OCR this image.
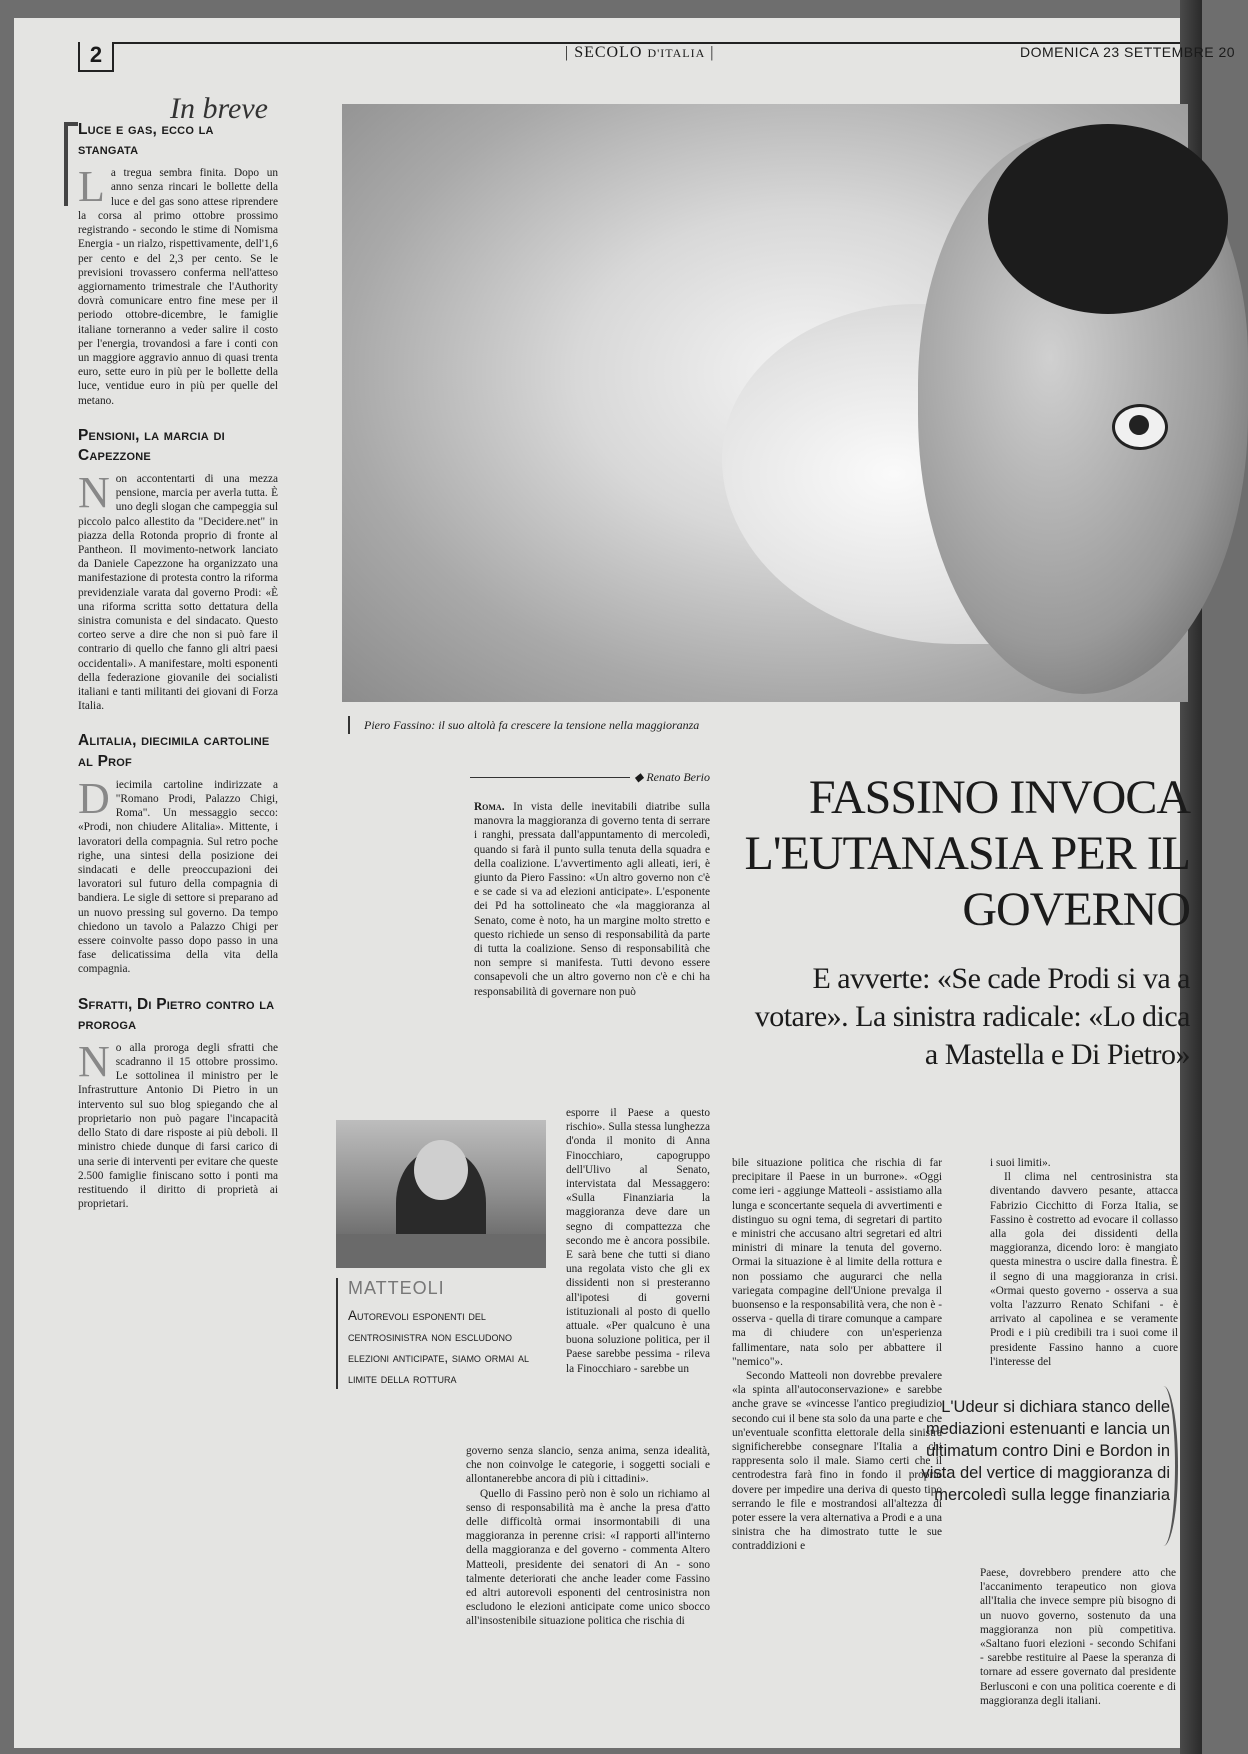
2	| SECOLO D'ITALIA |	DOMENICA 23 SETTEMBRE 20
In breve
Luce e gas, ecco la stangata

La tregua sembra finita. Dopo un anno senza rincari le bollette della luce e del gas sono attese riprendere la corsa al primo ottobre prossimo registrando - secondo le stime di Nomisma Energia - un rialzo, rispettivamente, dell'1,6 per cento e del 2,3 per cento. Se le previsioni trovassero conferma nell'atteso aggiornamento trimestrale che l'Authority dovrà comunicare entro fine mese per il periodo ottobre-dicembre, le famiglie italiane torneranno a veder salire il costo per l'energia, trovandosi a fare i conti con un maggiore aggravio annuo di quasi trenta euro, sette euro in più per le bollette della luce, ventidue euro in più per quelle del metano.

Pensioni, la marcia di Capezzone

Non accontentarti di una mezza pensione, marcia per averla tutta. È uno degli slogan che campeggia sul piccolo palco allestito da "Decidere.net" in piazza della Rotonda proprio di fronte al Pantheon. Il movimento-network lanciato da Daniele Capezzone ha organizzato una manifestazione di protesta contro la riforma previdenziale varata dal governo Prodi: «È una riforma scritta sotto dettatura della sinistra comunista e del sindacato. Questo corteo serve a dire che non si può fare il contrario di quello che fanno gli altri paesi occidentali». A manifestare, molti esponenti della federazione giovanile dei socialisti italiani e tanti militanti dei giovani di Forza Italia.

Alitalia, diecimila cartoline al Prof

Diecimila cartoline indirizzate a "Romano Prodi, Palazzo Chigi, Roma". Un messaggio secco: «Prodi, non chiudere Alitalia». Mittente, i lavoratori della compagnia. Sul retro poche righe, una sintesi della posizione dei sindacati e delle preoccupazioni dei lavoratori sul futuro della compagnia di bandiera. Le sigle di settore si preparano ad un nuovo pressing sul governo. Da tempo chiedono un tavolo a Palazzo Chigi per essere coinvolte passo dopo passo in una fase delicatissima della vita della compagnia.

Sfratti, Di Pietro contro la proroga

No alla proroga degli sfratti che scadranno il 15 ottobre prossimo. Le sottolinea il ministro per le Infrastrutture Antonio Di Pietro in un intervento sul suo blog spiegando che al proprietario non può pagare l'incapacità dello Stato di dare risposte ai più deboli. Il ministro chiede dunque di farsi carico di una serie di interventi per evitare che queste 2.500 famiglie finiscano sotto i ponti ma restituendo il diritto di proprietà ai proprietari.

Piero Fassino: il suo altolà fa crescere la tensione nella maggioranza
◆ Renato Berio	FASSINO INVOCA L'EUTANASIA PER IL GOVERNO
E avverte: «Se cade Prodi si va a votare». La sinistra radicale: «Lo dica a Mastella e Di Pietro»

Roma. In vista delle inevitabili diatribe sulla manovra la maggioranza di governo tenta di serrare i ranghi, pressata dall'appuntamento di mercoledì, quando si farà il punto sulla tenuta della squadra e della coalizione. L'avvertimento agli alleati, ieri, è giunto da Piero Fassino: «Un altro governo non c'è e se cade si va ad elezioni anticipate». L'esponente dei Pd ha sottolineato che «la maggioranza al Senato, come è noto, ha un margine molto stretto e questo richiede un senso di responsabilità da parte di tutta la coalizione. Senso di responsabilità che non sempre si manifesta. Tutti devono essere consapevoli che un altro governo non c'è e chi ha responsabilità di governare non può

esporre il Paese a questo rischio». Sulla stessa lunghezza d'onda il monito di Anna Finocchiaro, capogruppo dell'Ulivo al Senato, intervistata dal Messaggero: «Sulla Finanziaria la maggioranza deve dare un segno di compattezza che secondo me è ancora possibile. E sarà bene che tutti si diano una regolata visto che gli ex dissidenti non si presteranno all'ipotesi di governi istituzionali al posto di quello attuale. «Per qualcuno è una buona soluzione politica, per il Paese sarebbe pessima - rileva la Finocchiaro - sarebbe un

governo senza slancio, senza anima, senza idealità, che non coinvolge le categorie, i soggetti sociali e allontanerebbe ancora di più i cittadini».

Quello di Fassino però non è solo un richiamo al senso di responsabilità ma è anche la presa d'atto delle difficoltà ormai insormontabili di una maggioranza in perenne crisi: «I rapporti all'interno della maggioranza e del governo - commenta Altero Matteoli, presidente dei senatori di An - sono talmente deteriorati che anche leader come Fassino ed altri autorevoli esponenti del centrosinistra non escludono le elezioni anticipate come unico sbocco all'insostenibile situazione politica che rischia di

bile situazione politica che rischia di far precipitare il Paese in un burrone». «Oggi come ieri - aggiunge Matteoli - assistiamo alla lunga e sconcertante sequela di avvertimenti e distinguo su ogni tema, di segretari di partito e ministri che accusano altri segretari ed altri ministri di minare la tenuta del governo. Ormai la situazione è al limite della rottura e non possiamo che augurarci che nella variegata compagine dell'Unione prevalga il buonsenso e la responsabilità vera, che non è - osserva - quella di tirare comunque a campare ma di chiudere con un'esperienza fallimentare, nata solo per abbattere il "nemico"».

Secondo Matteoli non dovrebbe prevalere «la spinta all'autoconservazione» e sarebbe anche grave se «vincesse l'antico pregiudizio secondo cui il bene sta solo da una parte e che un'eventuale sconfitta elettorale della sinistra significherebbe consegnare l'Italia a chi rappresenta solo il male. Siamo certi che il centrodestra farà fino in fondo il proprio dovere per impedire una deriva di questo tipo serrando le file e mostrandosi all'altezza di poter essere la vera alternativa a Prodi e a una sinistra che ha dimostrato tutte le sue contraddizioni e

i suoi limiti».

Il clima nel centrosinistra sta diventando davvero pesante, attacca Fabrizio Cicchitto di Forza Italia, se Fassino è costretto ad evocare il collasso alla gola dei dissidenti della maggioranza, dicendo loro: è mangiato questa minestra o uscire dalla finestra. È il segno di una maggioranza in crisi. «Ormai questo governo - osserva a sua volta l'azzurro Renato Schifani - è arrivato al capolinea e se veramente Prodi e i più credibili tra i suoi come il presidente Fassino hanno a cuore l'interesse del

Paese, dovrebbero prendere atto che l'accanimento terapeutico non giova all'Italia che invece sempre più bisogno di un nuovo governo, sostenuto da una maggioranza non più competitiva. «Saltano fuori elezioni - secondo Schifani - sarebbe restituire al Paese la speranza di tornare ad essere governato dal presidente Berlusconi e con una politica coerente e di maggioranza degli italiani.

MATTEOLI
Autorevoli esponenti del centrosinistra non escludono elezioni anticipate, siamo ormai al limite della rottura
L'Udeur si dichiara stanco delle mediazioni estenuanti e lancia un ultimatum contro Dini e Bordon in vista del vertice di maggioranza di mercoledì sulla legge finanziaria
